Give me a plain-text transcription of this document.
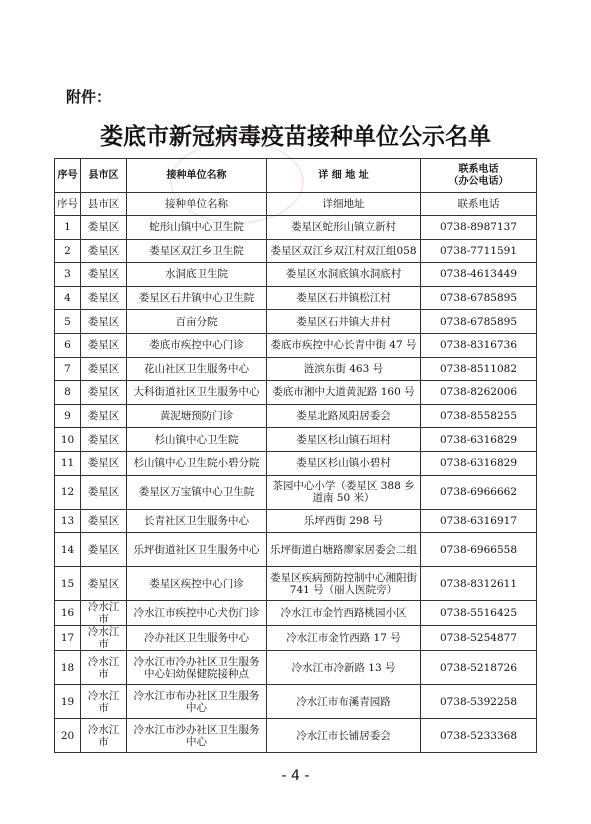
附件：
娄底市新冠病毒疫苗接种单位公示名单
序号	县市区	接种单位名称	详 细 地 址	联系电话
（办公电话）
序号	县市区	接种单位名称	详细地址	联系电话
1	娄星区	蛇形山镇中心卫生院	娄星区蛇形山镇立新村	0738-8987137
2	娄星区	娄星区双江乡卫生院	娄星区双江乡双江村双江组058	0738-7711591
3	娄星区	水洞底卫生院	娄星区水洞底镇水洞底村	0738-4613449
4	娄星区	娄星区石井镇中心卫生院	娄星区石井镇松江村	0738-6785895
5	娄星区	百亩分院	娄星区石井镇大井村	0738-6785895
6	娄星区	娄底市疾控中心门诊	娄底市疾控中心长青中街 47 号	0738-8316736
7	娄星区	花山社区卫生服务中心	涟滨东街 463 号	0738-8511082
8	娄星区	大科街道社区卫生服务中心	娄底市湘中大道黄泥路 160 号	0738-8262006
9	娄星区	黄泥塘预防门诊	娄星北路凤阳居委会	0738-8558255
10	娄星区	杉山镇中心卫生院	娄星区杉山镇石垣村	0738-6316829
11	娄星区	杉山镇中心卫生院小碧分院	娄星区杉山镇小碧村	0738-6316829
12	娄星区	娄星区万宝镇中心卫生院	茶园中心小学（娄星区 388 乡道南 50 米）	0738-6966662
13	娄星区	长青社区卫生服务中心	乐坪西街 298 号	0738-6316917
14	娄星区	乐坪街道社区卫生服务中心	乐坪街道白塘路廖家居委会二组	0738-6966558
15	娄星区	娄星区疾控中心门诊	娄星区疾病预防控制中心湘阳街 741 号（丽人医院旁）	0738-8312611
16	冷水江市	冷水江市疾控中心犬伤门诊	冷水江市金竹西路桃园小区	0738-5516425
17	冷水江市	冷办社区卫生服务中心	冷水江市金竹西路 17 号	0738-5254877
18	冷水江市	冷水江市冷办社区卫生服务中心妇幼保健院接种点	冷水江市冷新路 13 号	0738-5218726
19	冷水江市	冷水江市布办社区卫生服务中心	冷水江市布溪青园路	0738-5392258
20	冷水江市	冷水江市沙办社区卫生服务中心	冷水江市长铺居委会	0738-5233368
- 4 -
